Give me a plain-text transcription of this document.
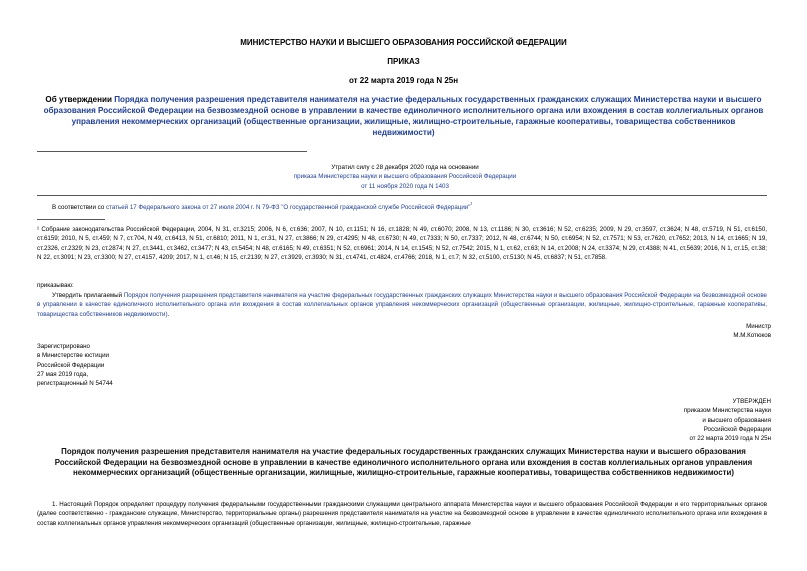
МИНИСТЕРСТВО НАУКИ И ВЫСШЕГО ОБРАЗОВАНИЯ РОССИЙСКОЙ ФЕДЕРАЦИИ
ПРИКАЗ
от 22 марта 2019 года N 25н
Об утверждении Порядка получения разрешения представителя нанимателя на участие федеральных государственных гражданских служащих Министерства науки и высшего образования Российской Федерации на безвозмездной основе в управлении в качестве единоличного исполнительного органа или вхождения в состав коллегиальных органов управления некоммерческих организаций (общественные организации, жилищные, жилищно-строительные, гаражные кооперативы, товарищества собственников недвижимости)
Утратил силу с 28 декабря 2020 года на основании
приказа Министерства науки и высшего образования Российской Федерации
от 11 ноября 2020 года N 1403
В соответствии со статьей 17 Федерального закона от 27 июля 2004 г. N 79-ФЗ "О государственной гражданской службе Российской Федерации"$^{^1}$
¹ Собрание законодательства Российской Федерации, 2004, N 31, ст.3215; 2006, N 6, ст.636; 2007, N 10, ст.1151; N 16, ст.1828; N 49, ст.6070; 2008, N 13, ст.1186; N 30, ст.3616; N 52, ст.6235; 2009, N 29, ст.3597, ст.3624; N 48, ст.5719, N 51, ст.6150, ст.6159; 2010, N 5, ст.459; N 7, ст.704, N 49, ст.6413, N 51, ст.6810; 2011, N 1, ст.31, N 27, ст.3866; N 29, ст.4295; N 48, ст.6730; N 49, ст.7333; N 50, ст.7337; 2012, N 48, ст.6744; N 50, ст.6954; N 52, ст.7571; N 53, ст.7620, ст.7652; 2013, N 14, ст.1665; N 19, ст.2326, ст.2329; N 23, ст.2874; N 27, ст.3441, ст.3462, ст.3477; N 43, ст.5454; N 48, ст.6165; N 49, ст.6351; N 52, ст.6961; 2014, N 14, ст.1545; N 52, ст.7542; 2015, N 1, ст.62, ст.63; N 14, ст.2008; N 24, ст.3374; N 29, ст.4388; N 41, ст.5639; 2016, N 1, ст.15, ст.38; N 22, ст.3091; N 23, ст.3300; N 27, ст.4157, 4209; 2017, N 1, ст.46; N 15, ст.2139; N 27, ст.3929, ст.3930; N 31, ст.4741, ст.4824, ст.4766; 2018, N 1, ст.7; N 32, ст.5100, ст.5130; N 45, ст.6837; N 51, ст.7858.
приказываю:
Утвердить прилагаемый Порядок получения разрешения представителя нанимателя на участие федеральных государственных гражданских служащих Министерства науки и высшего образования Российской Федерации на безвозмездной основе в управлении в качестве единоличного исполнительного органа или вхождения в состав коллегиальных органов управления некоммерческих организаций (общественные организации, жилищные, жилищно-строительные, гаражные кооперативы, товарищества собственников недвижимости).
Министр
М.М.Котюков
Зарегистрировано
в Министерстве юстиции
Российской Федерации
27 мая 2019 года,
регистрационный N 54744
УТВЕРЖДЕН
приказом Министерства науки
и высшего образования
Российской Федерации
от 22 марта 2019 года N 25н
Порядок получения разрешения представителя нанимателя на участие федеральных государственных гражданских служащих Министерства науки и высшего образования Российской Федерации на безвозмездной основе в управлении в качестве единоличного исполнительного органа или вхождения в состав коллегиальных органов управления некоммерческих организаций (общественные организации, жилищные, жилищно-строительные, гаражные кооперативы, товарищества собственников недвижимости)
1. Настоящий Порядок определяет процедуру получения федеральными государственными гражданскими служащими центрального аппарата Министерства науки и высшего образования Российской Федерации и его территориальных органов (далее соответственно - гражданские служащие, Министерство, территориальные органы) разрешения представителя нанимателя на участие на безвозмездной основе в управлении в качестве единоличного исполнительного органа или вхождения в состав коллегиальных органов управления некоммерческих организаций (общественные организации, жилищные, жилищно-строительные, гаражные
